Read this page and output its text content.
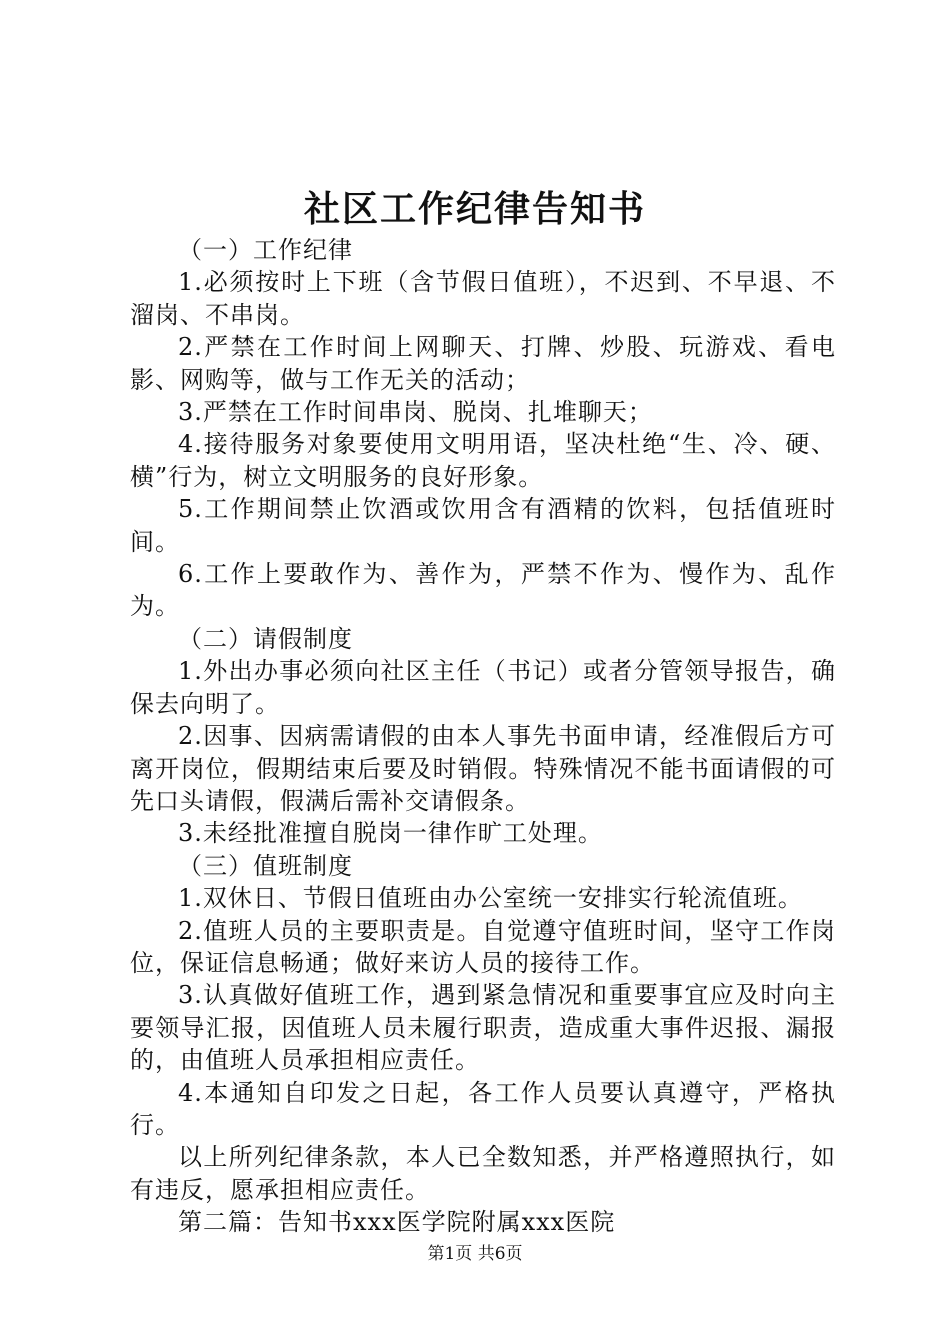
社区工作纪律告知书

（一）工作纪律

1.必须按时上下班（含节假日值班），不迟到、不早退、不溜岗、不串岗。

2.严禁在工作时间上网聊天、打牌、炒股、玩游戏、看电影、网购等，做与工作无关的活动；

3.严禁在工作时间串岗、脱岗、扎堆聊天；

4.接待服务对象要使用文明用语，坚决杜绝“生、冷、硬、横”行为，树立文明服务的良好形象。

5.工作期间禁止饮酒或饮用含有酒精的饮料，包括值班时间。

6.工作上要敢作为、善作为，严禁不作为、慢作为、乱作为。

（二）请假制度

1.外出办事必须向社区主任（书记）或者分管领导报告，确保去向明了。

2.因事、因病需请假的由本人事先书面申请，经准假后方可离开岗位，假期结束后要及时销假。特殊情况不能书面请假的可先口头请假，假满后需补交请假条。

3.未经批准擅自脱岗一律作旷工处理。

（三）值班制度

1.双休日、节假日值班由办公室统一安排实行轮流值班。

2.值班人员的主要职责是。自觉遵守值班时间，坚守工作岗位，保证信息畅通；做好来访人员的接待工作。

3.认真做好值班工作，遇到紧急情况和重要事宜应及时向主要领导汇报，因值班人员未履行职责，造成重大事件迟报、漏报的，由值班人员承担相应责任。

4.本通知自印发之日起，各工作人员要认真遵守，严格执行。

以上所列纪律条款，本人已全数知悉，并严格遵照执行，如有违反，愿承担相应责任。

第二篇：告知书xxx医学院附属xxx医院

第1页 共6页
